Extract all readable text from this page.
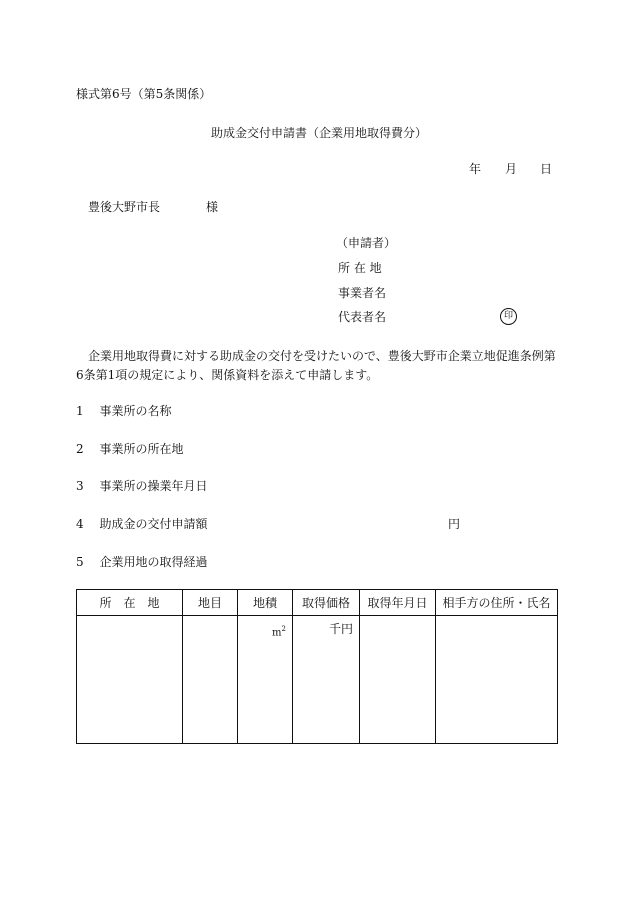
様式第6号（第5条関係）
助成金交付申請書（企業用地取得費分）
年 月 日
豊後大野市長	様
（申請者）
所 在 地
事業者名
代表者名	印
企業用地取得費に対する助成金の交付を受けたいので、豊後大野市企業立地促進条例第
6条第1項の規定により、関係資料を添えて申請します。
1 事業所の名称
2 事業所の所在地
3 事業所の操業年月日
4 助成金の交付申請額	円
5 企業用地の取得経過
所　在　地	地目	地積	取得価格	取得年月日	相手方の住所・氏名
		$m^2$	千円		
